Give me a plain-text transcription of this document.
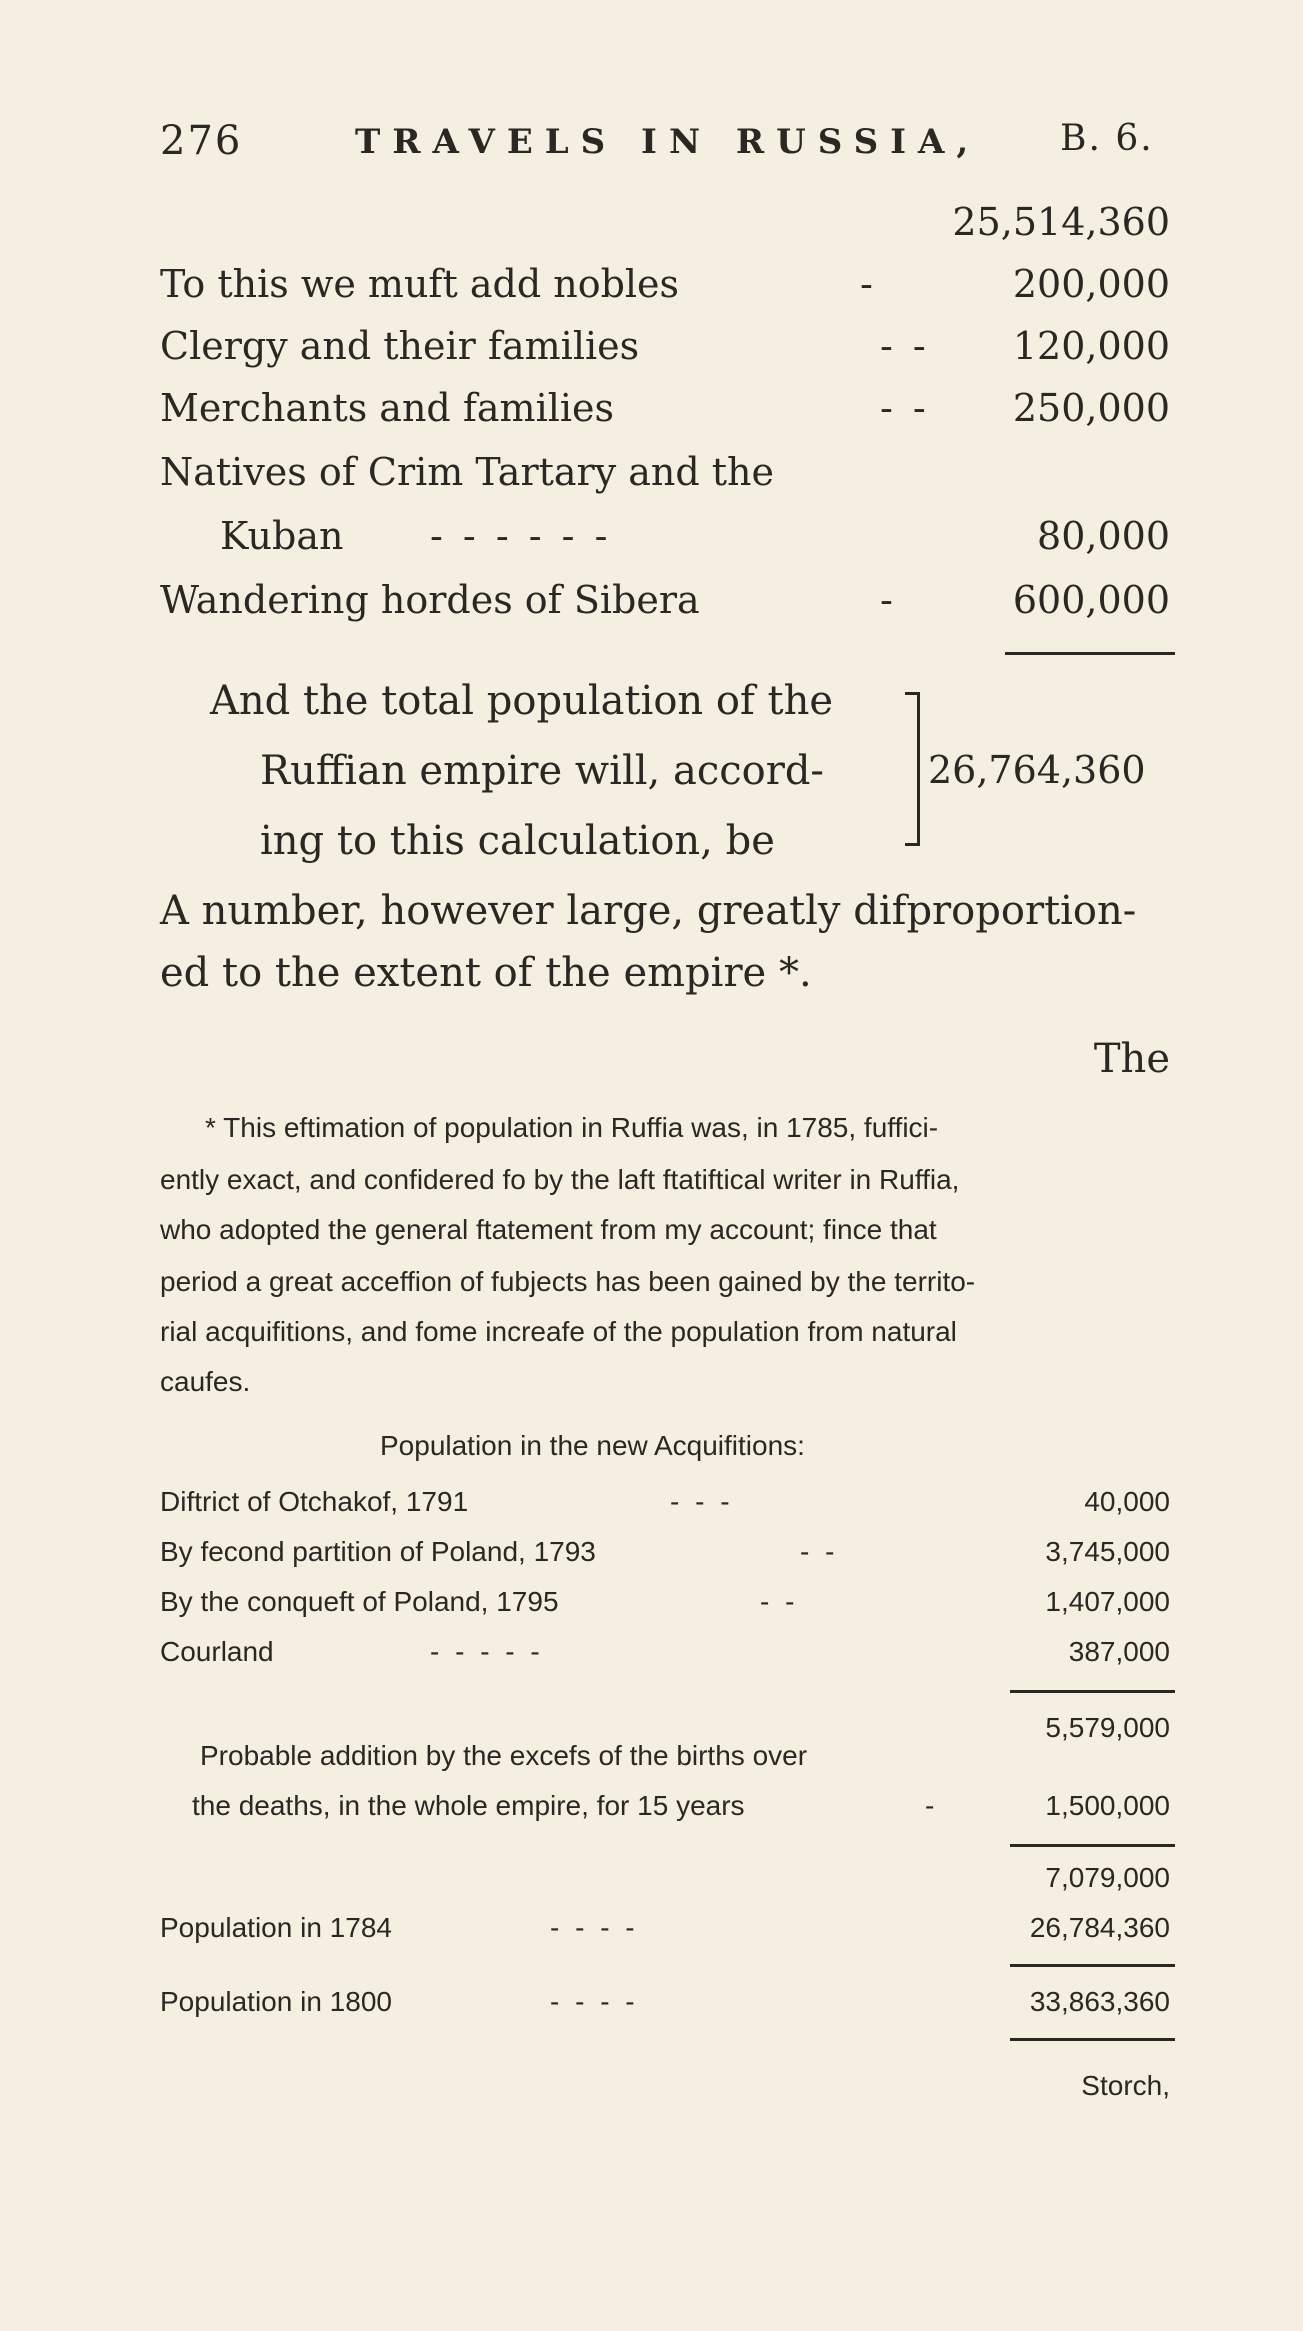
276	TRAVELS IN RUSSIA, B. 6.
25,514,360
To this we muft add nobles	-	200,000
Clergy and their families	- - 120,000
Merchants and families	- - 250,000
Natives of Crim Tartary and the
Kuban - - - - - -	80,000
Wandering hordes of Sibera	-	600,000
And the total population of the
Ruffian empire will, accord-
ing to this calculation, be
26,764,360
A number, however large, greatly difproportion-
ed to the extent of the empire *.
The
* This eftimation of population in Ruffia was, in 1785, fuffici-
ently exact, and confidered fo by the laft ftatiftical writer in Ruffia,
who adopted the general ftatement from my account; fince that
period a great acceffion of fubjects has been gained by the territo-
rial acquifitions, and fome increafe of the population from natural
caufes.
Population in the new Acquifitions:
Diftrict of Otchakof, 1791	- - -	40,000
By fecond partition of Poland, 1793	- -	3,745,000
By the conqueft of Poland, 1795	- -	1,407,000
Courland	- - - - -	387,000
5,579,000
Probable addition by the excefs of the births over
the deaths, in the whole empire, for 15 years	-	1,500,000
7,079,000
Population in 1784	- - - -	26,784,360
Population in 1800	- - - -	33,863,360
Storch,
